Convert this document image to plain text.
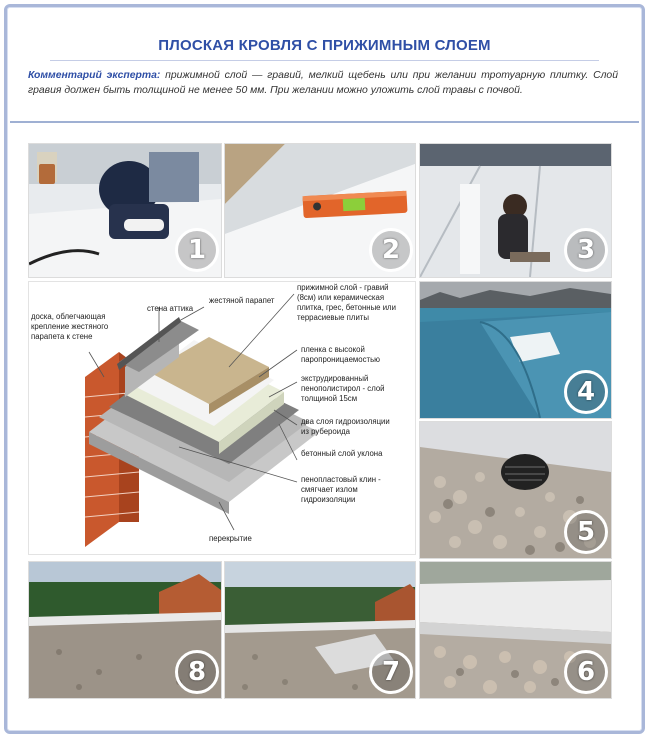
ПЛОСКАЯ КРОВЛЯ С ПРИЖИМНЫМ СЛОЕМ
Комментарий эксперта: прижимной слой — гравий, мелкий щебень или при желании тротуарную плитку. Слой гравия должен быть толщиной не менее 50 мм. При желании можно уложить слой травы с почвой.
1	2	3
доска, облегчающая
крепление жестяного
парапета к стене
стена аттика
жестяной парапет
прижимной слой - гравий
(8см) или керамическая
плитка, грес, бетонные или
террасиевые плиты
пленка с высокой
паропроницаемостью
экструдированный
пенополистирол - слой
толщиной 15см
два слоя гидроизоляции
из рубероида
бетонный слой уклона
пенопластовый клин -
смягчает излом
гидроизоляции
перекрытие
4
5
8	7	6
